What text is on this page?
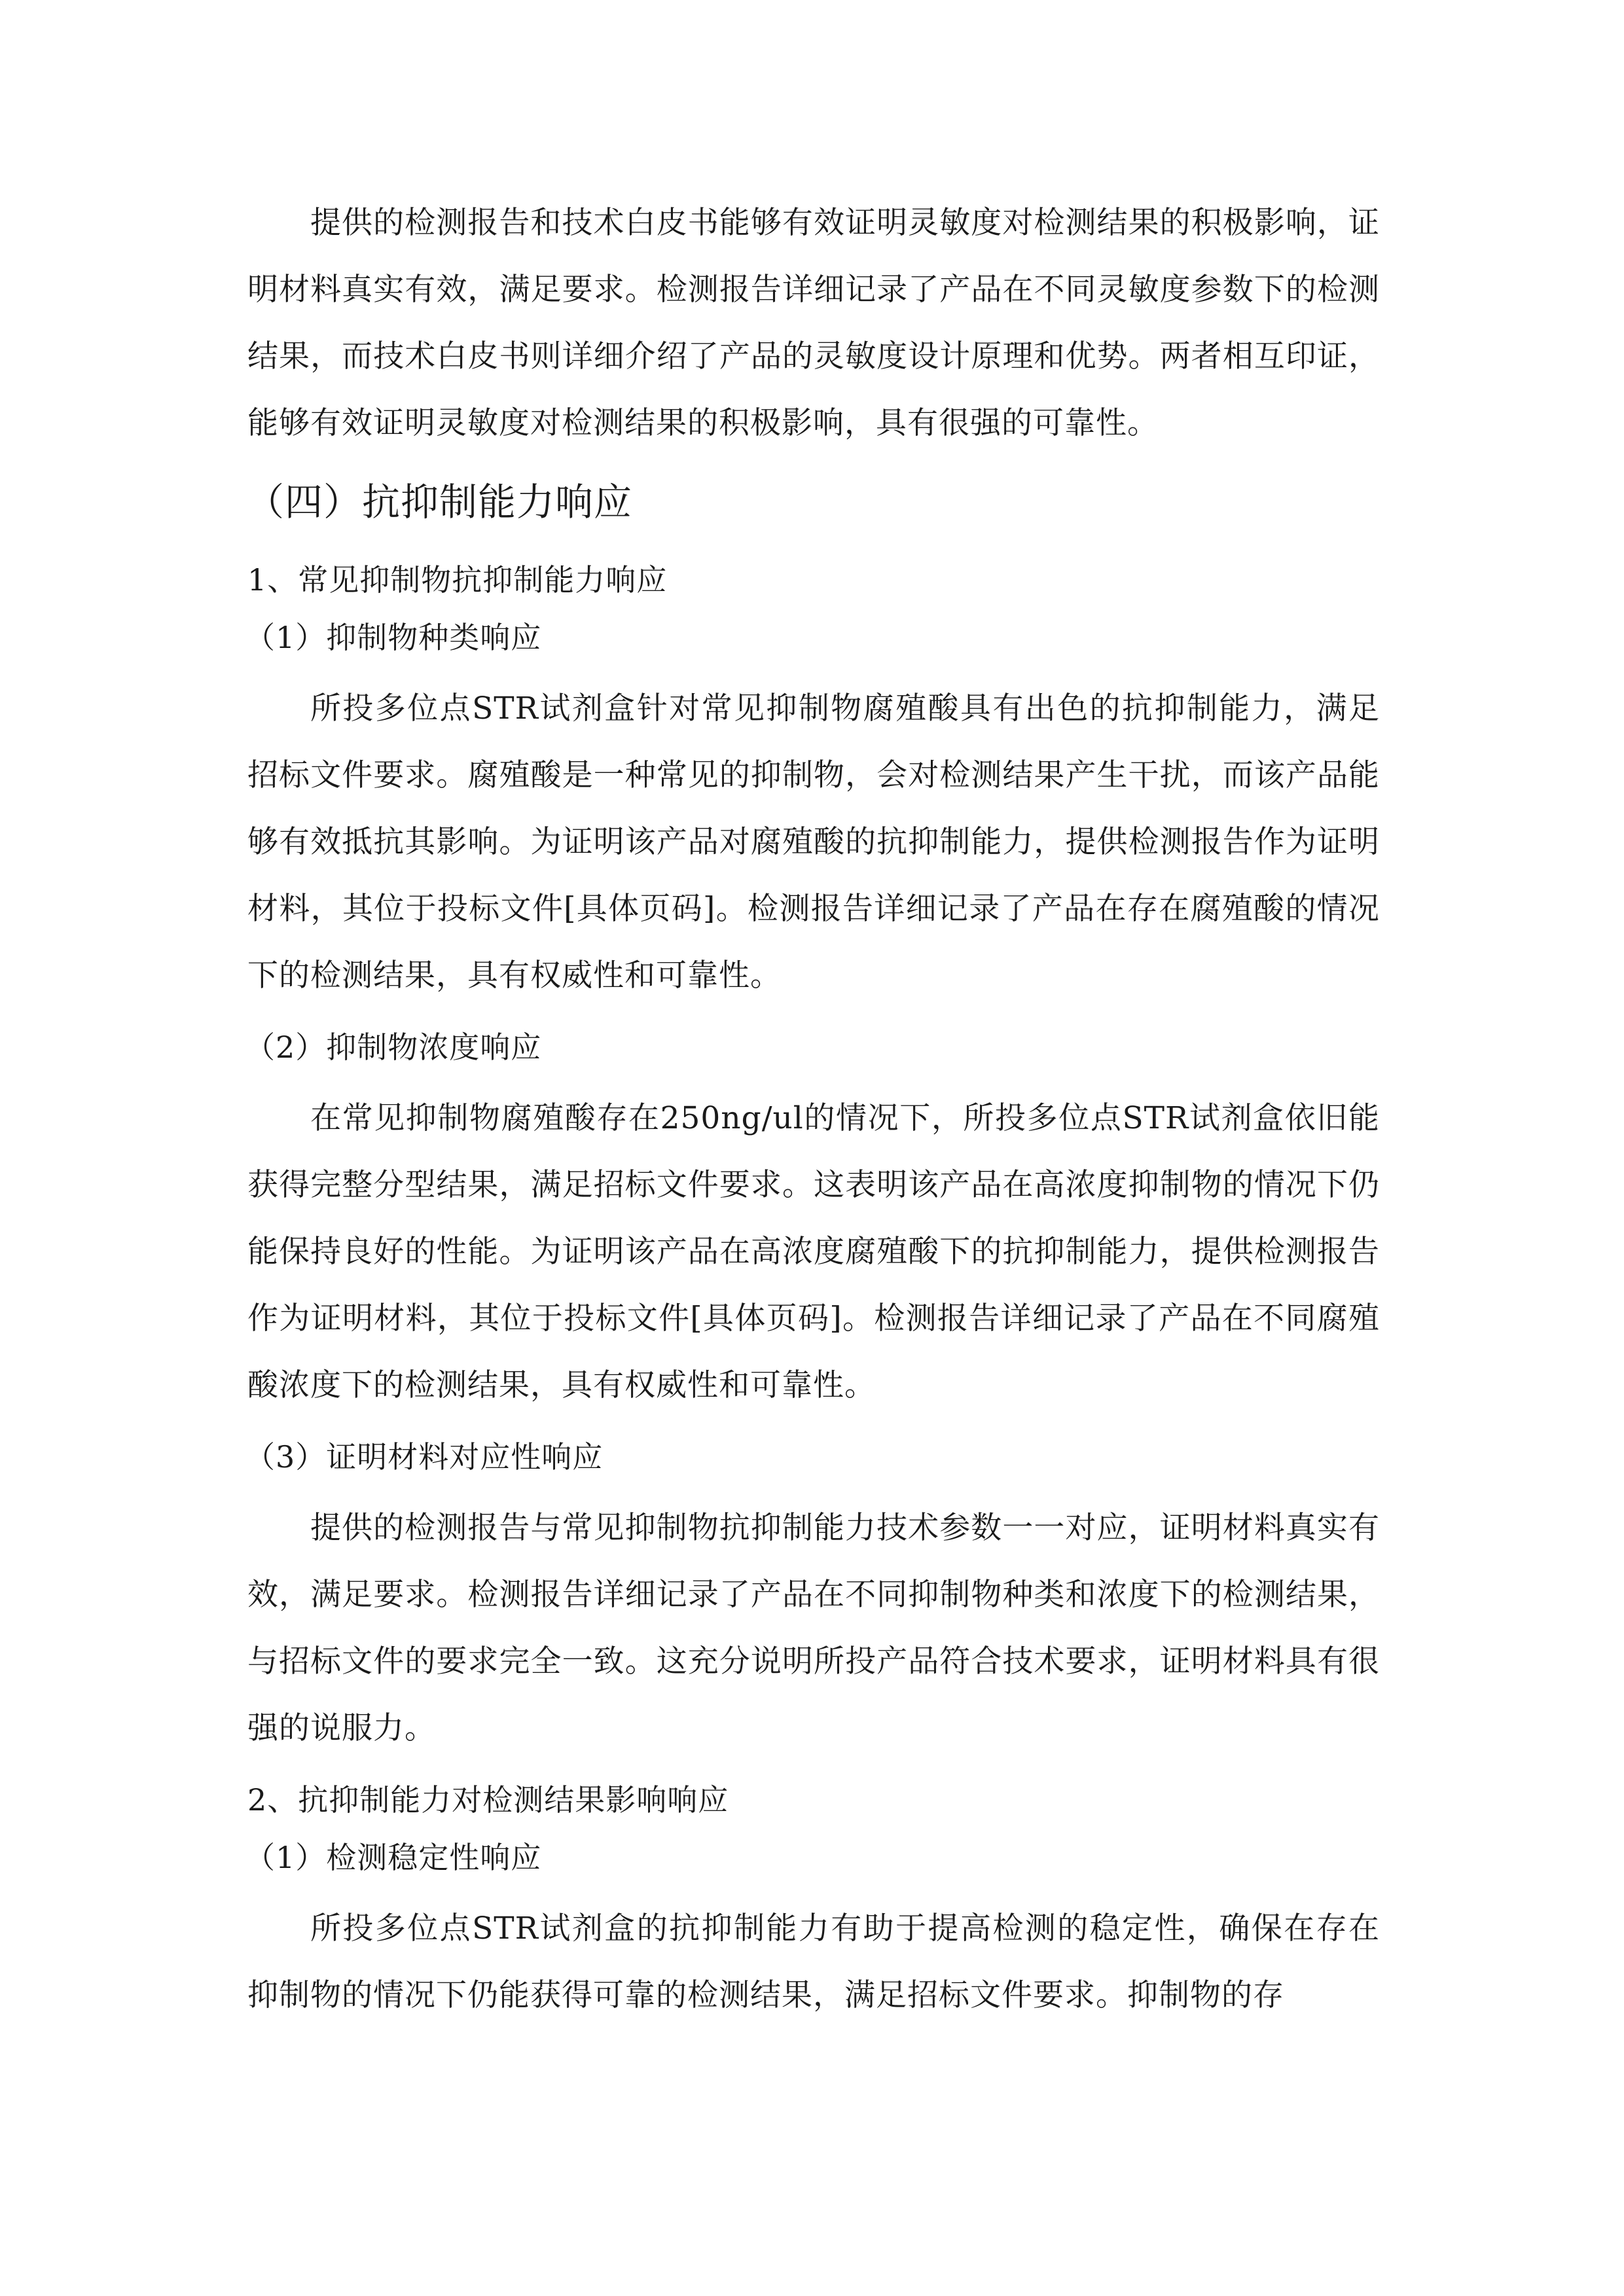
提供的检测报告和技术白皮书能够有效证明灵敏度对检测结果的积极影响，证明材料真实有效，满足要求。检测报告详细记录了产品在不同灵敏度参数下的检测结果，而技术白皮书则详细介绍了产品的灵敏度设计原理和优势。两者相互印证，能够有效证明灵敏度对检测结果的积极影响，具有很强的可靠性。

（四）抗抑制能力响应

1、常见抑制物抗抑制能力响应

（1）抑制物种类响应

所投多位点STR试剂盒针对常见抑制物腐殖酸具有出色的抗抑制能力，满足招标文件要求。腐殖酸是一种常见的抑制物，会对检测结果产生干扰，而该产品能够有效抵抗其影响。为证明该产品对腐殖酸的抗抑制能力，提供检测报告作为证明材料，其位于投标文件[具体页码]。检测报告详细记录了产品在存在腐殖酸的情况下的检测结果，具有权威性和可靠性。

（2）抑制物浓度响应

在常见抑制物腐殖酸存在250ng/ul的情况下，所投多位点STR试剂盒依旧能获得完整分型结果，满足招标文件要求。这表明该产品在高浓度抑制物的情况下仍能保持良好的性能。为证明该产品在高浓度腐殖酸下的抗抑制能力，提供检测报告作为证明材料，其位于投标文件[具体页码]。检测报告详细记录了产品在不同腐殖酸浓度下的检测结果，具有权威性和可靠性。

（3）证明材料对应性响应

提供的检测报告与常见抑制物抗抑制能力技术参数一一对应，证明材料真实有效，满足要求。检测报告详细记录了产品在不同抑制物种类和浓度下的检测结果，与招标文件的要求完全一致。这充分说明所投产品符合技术要求，证明材料具有很强的说服力。

2、抗抑制能力对检测结果影响响应

（1）检测稳定性响应

所投多位点STR试剂盒的抗抑制能力有助于提高检测的稳定性，确保在存在抑制物的情况下仍能获得可靠的检测结果，满足招标文件要求。抑制物的存
